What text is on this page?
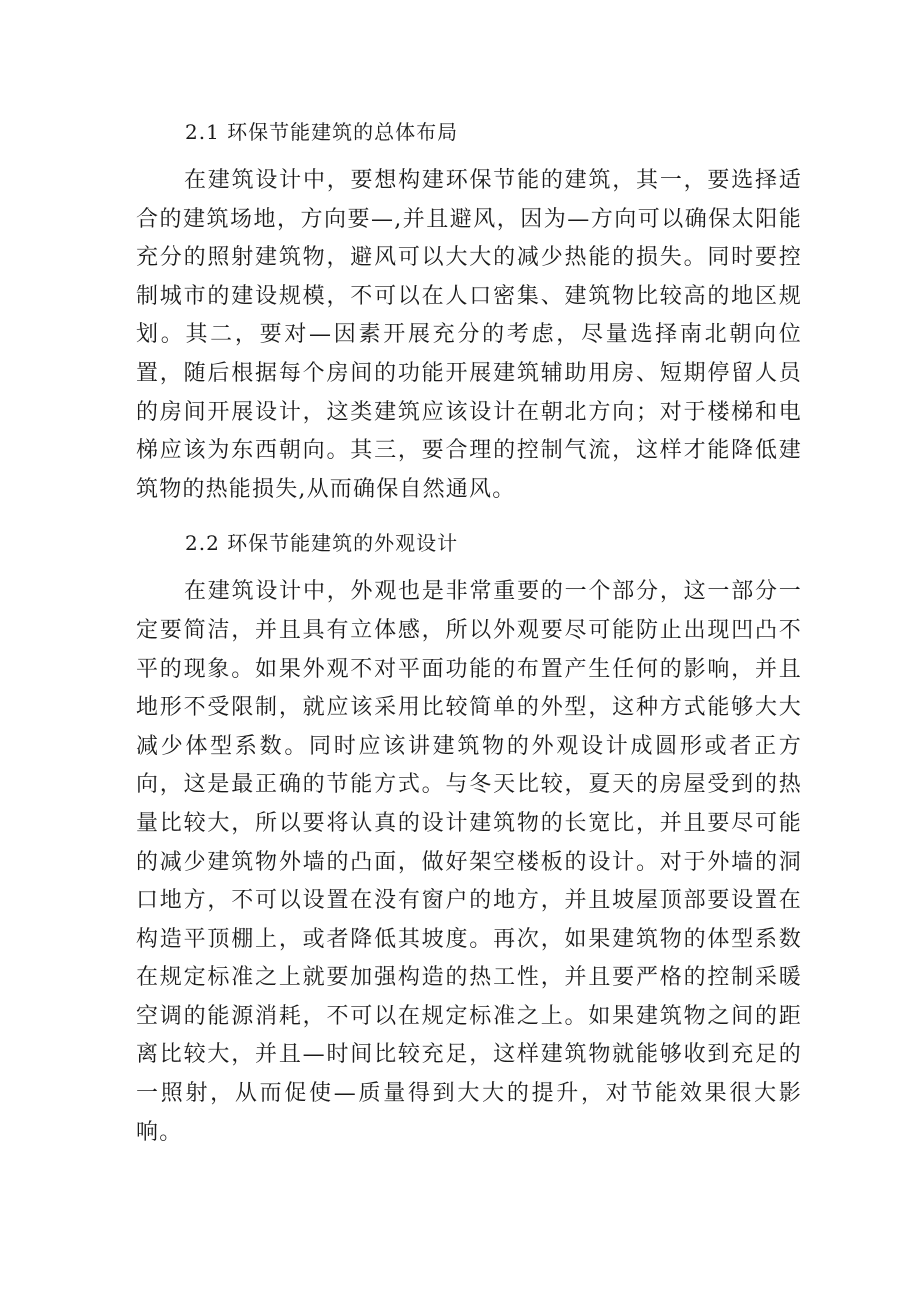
2.1 环保节能建筑的总体布局

在建筑设计中，要想构建环保节能的建筑，其一，要选择适合的建筑场地，方向要—,并且避风，因为—方向可以确保太阳能充分的照射建筑物，避风可以大大的减少热能的损失。同时要控制城市的建设规模，不可以在人口密集、建筑物比较高的地区规划。其二，要对—因素开展充分的考虑，尽量选择南北朝向位置，随后根据每个房间的功能开展建筑辅助用房、短期停留人员的房间开展设计，这类建筑应该设计在朝北方向；对于楼梯和电梯应该为东西朝向。其三，要合理的控制气流，这样才能降低建筑物的热能损失,从而确保自然通风。

2.2 环保节能建筑的外观设计

在建筑设计中，外观也是非常重要的一个部分，这一部分一定要简洁，并且具有立体感，所以外观要尽可能防止出现凹凸不平的现象。如果外观不对平面功能的布置产生任何的影响，并且地形不受限制，就应该采用比较简单的外型，这种方式能够大大减少体型系数。同时应该讲建筑物的外观设计成圆形或者正方向，这是最正确的节能方式。与冬天比较，夏天的房屋受到的热量比较大，所以要将认真的设计建筑物的长宽比，并且要尽可能的减少建筑物外墙的凸面，做好架空楼板的设计。对于外墙的洞口地方，不可以设置在没有窗户的地方，并且坡屋顶部要设置在构造平顶棚上，或者降低其坡度。再次，如果建筑物的体型系数在规定标准之上就要加强构造的热工性，并且要严格的控制采暖空调的能源消耗，不可以在规定标准之上。如果建筑物之间的距离比较大，并且—时间比较充足，这样建筑物就能够收到充足的一照射，从而促使—质量得到大大的提升，对节能效果很大影响。
